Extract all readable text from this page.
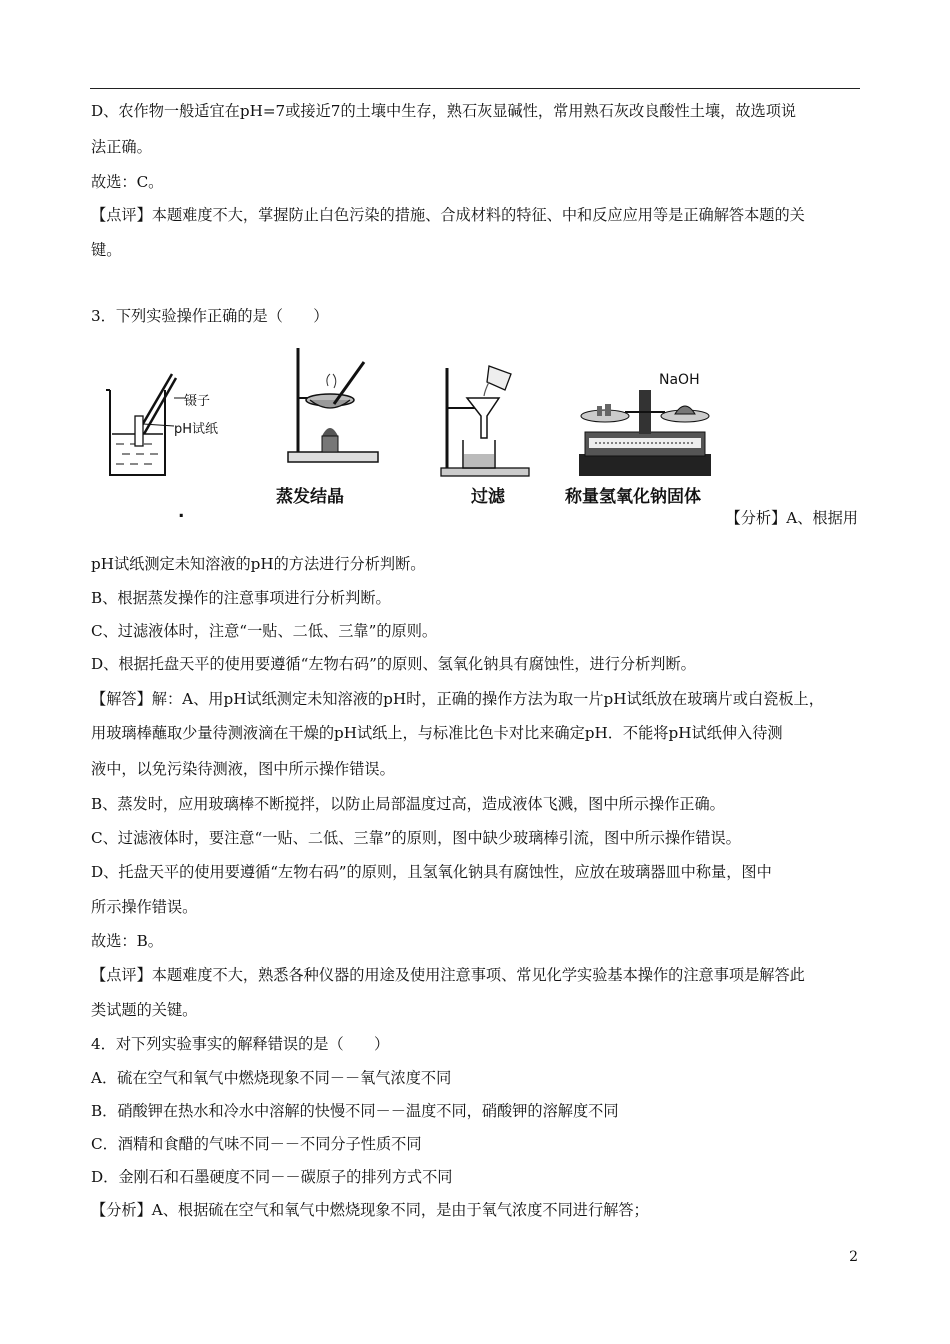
D、农作物一般适宜在pH=7或接近7的土壤中生存，熟石灰显碱性，常用熟石灰改良酸性土壤，故选项说
法正确。
故选：C。
【点评】本题难度不大，掌握防止白色污染的措施、合成材料的特征、中和反应应用等是正确解答本题的关
键。
3．下列实验操作正确的是（　　）
镊子
pH试纸
.
蒸发结晶	过滤
NaOH
称量氢氧化钠固体
【分析】A、根据用
pH试纸测定未知溶液的pH的方法进行分析判断。
B、根据蒸发操作的注意事项进行分析判断。
C、过滤液体时，注意“一贴、二低、三靠”的原则。
D、根据托盘天平的使用要遵循“左物右码”的原则、氢氧化钠具有腐蚀性，进行分析判断。
【解答】解：A、用pH试纸测定未知溶液的pH时，正确的操作方法为取一片pH试纸放在玻璃片或白瓷板上，
用玻璃棒蘸取少量待测液滴在干燥的pH试纸上，与标准比色卡对比来确定pH．不能将pH试纸伸入待测
液中，以免污染待测液，图中所示操作错误。
B、蒸发时，应用玻璃棒不断搅拌，以防止局部温度过高，造成液体飞溅，图中所示操作正确。
C、过滤液体时，要注意“一贴、二低、三靠”的原则，图中缺少玻璃棒引流，图中所示操作错误。
D、托盘天平的使用要遵循“左物右码”的原则，且氢氧化钠具有腐蚀性，应放在玻璃器皿中称量，图中
所示操作错误。
故选：B。
【点评】本题难度不大，熟悉各种仪器的用途及使用注意事项、常见化学实验基本操作的注意事项是解答此
类试题的关键。
4．对下列实验事实的解释错误的是（　　）
A．硫在空气和氧气中燃烧现象不同－－氧气浓度不同
B．硝酸钾在热水和冷水中溶解的快慢不同－－温度不同，硝酸钾的溶解度不同
C．酒精和食醋的气味不同－－不同分子性质不同
D．金刚石和石墨硬度不同－－碳原子的排列方式不同
【分析】A、根据硫在空气和氧气中燃烧现象不同，是由于氧气浓度不同进行解答；
2
